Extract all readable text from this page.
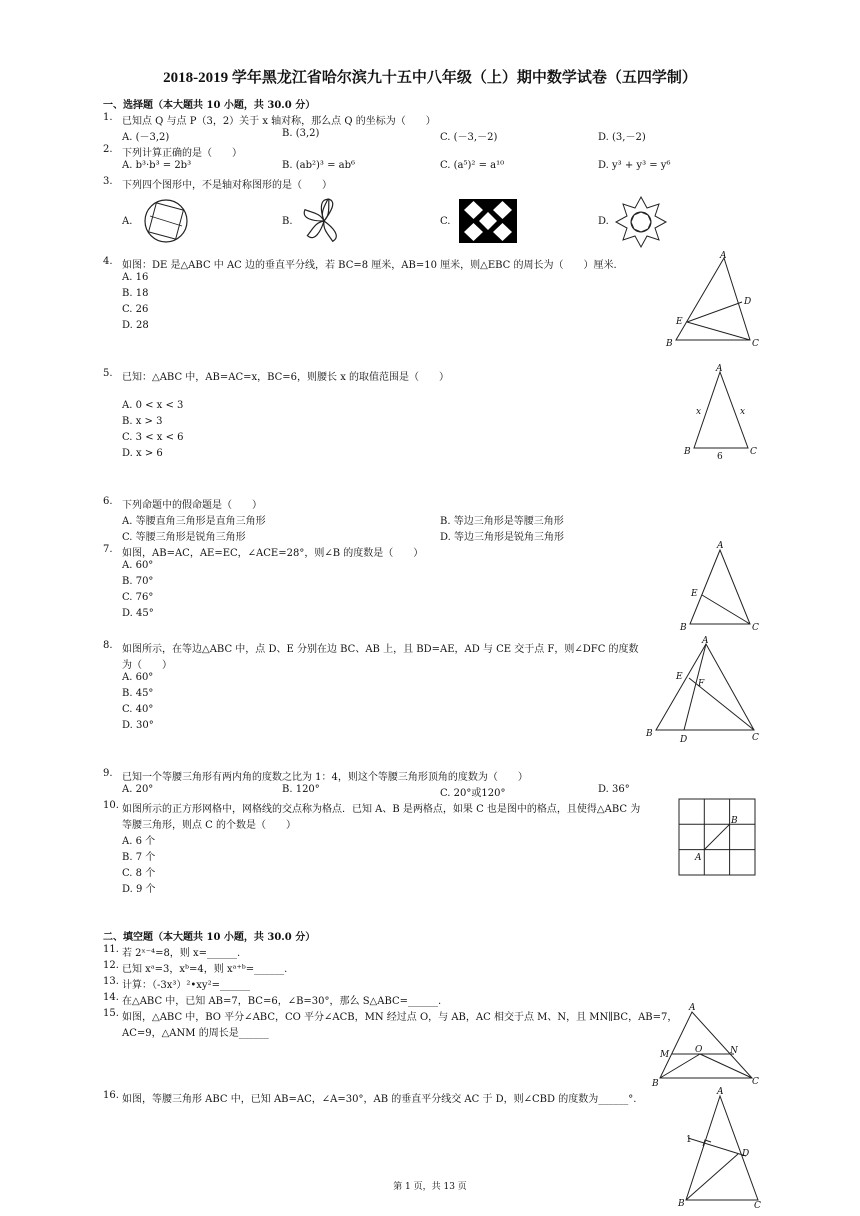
2018-2019 学年黑龙江省哈尔滨九十五中八年级（上）期中数学试卷（五四学制）
一、选择题（本大题共 10 小题，共 30.0 分）
1. 已知点 Q 与点 P（3，2）关于 x 轴对称，那么点 Q 的坐标为（　　）
A. (－3,2)	B. (3,2)	C. (－3,－2)	D. (3,－2)
2. 下列计算正确的是（　　）
A. b³·b³ = 2b³	B. (ab²)³ = ab⁶	C. (a⁵)² = a¹⁰	D. y³ + y³ = y⁶
3. 下列四个图形中，不是轴对称图形的是（　　）
A.	B.	C.	D.
4. 如图：DE 是△ABC 中 AC 边的垂直平分线，若 BC=8 厘米，AB=10 厘米，则△EBC 的周长为（　　）厘米.
A. 16
B. 18
C. 26
D. 28
A
B	C
D
E
5. 已知：△ABC 中，AB=AC=x，BC=6，则腰长 x 的取值范围是（　　）
A. 0 < x < 3
B. x > 3
C. 3 < x < 6
D. x > 6
A
B	C
x	x
6
6. 下列命题中的假命题是（　　）
A. 等腰直角三角形是直角三角形	B. 等边三角形是等腰三角形
C. 等腰三角形是锐角三角形	D. 等边三角形是锐角三角形
7. 如图，AB=AC，AE=EC，∠ACE=28°，则∠B 的度数是（　　）
A. 60°
B. 70°
C. 76°
D. 45°
A
B	C
E
8. 如图所示，在等边△ABC 中，点 D、E 分别在边 BC、AB 上，且 BD=AE，AD 与 CE 交于点 F，则∠DFC 的度数
为（　　）
A. 60°
B. 45°
C. 40°
D. 30°
A
B	C
D
E
F
9. 已知一个等腰三角形有两内角的度数之比为 1：4，则这个等腰三角形顶角的度数为（　　）
A. 20°	B. 120°	C. 20°或120°	D. 36°
10. 如图所示的正方形网格中，网格线的交点称为格点．已知 A、B 是两格点，如果 C 也是图中的格点，且使得△ABC 为
等腰三角形，则点 C 的个数是（　　）
A. 6 个
B. 7 个
C. 8 个
D. 9 个
A
B
二、填空题（本大题共 10 小题，共 30.0 分）
11. 若 2ˣ⁻⁴=8，则 x=______.
12. 已知 xᵃ=3，xᵇ=4，则 xᵃ⁺ᵇ=______.
13. 计算：（-3x³）²•xy²=______
14. 在△ABC 中，已知 AB=7，BC=6，∠B=30°，那么 S△ABC=______.
15. 如图，△ABC 中，BO 平分∠ABC，CO 平分∠ACB，MN 经过点 O，与 AB，AC 相交于点 M、N，且 MN∥BC，AB=7，
AC=9，△ANM 的周长是______
A
B	C
M	N
O
16. 如图，等腰三角形 ABC 中，已知 AB=AC，∠A=30°，AB 的垂直平分线交 AC 于 D，则∠CBD 的度数为______°.
A
B	C
D
1
第 1 页，共 13 页
